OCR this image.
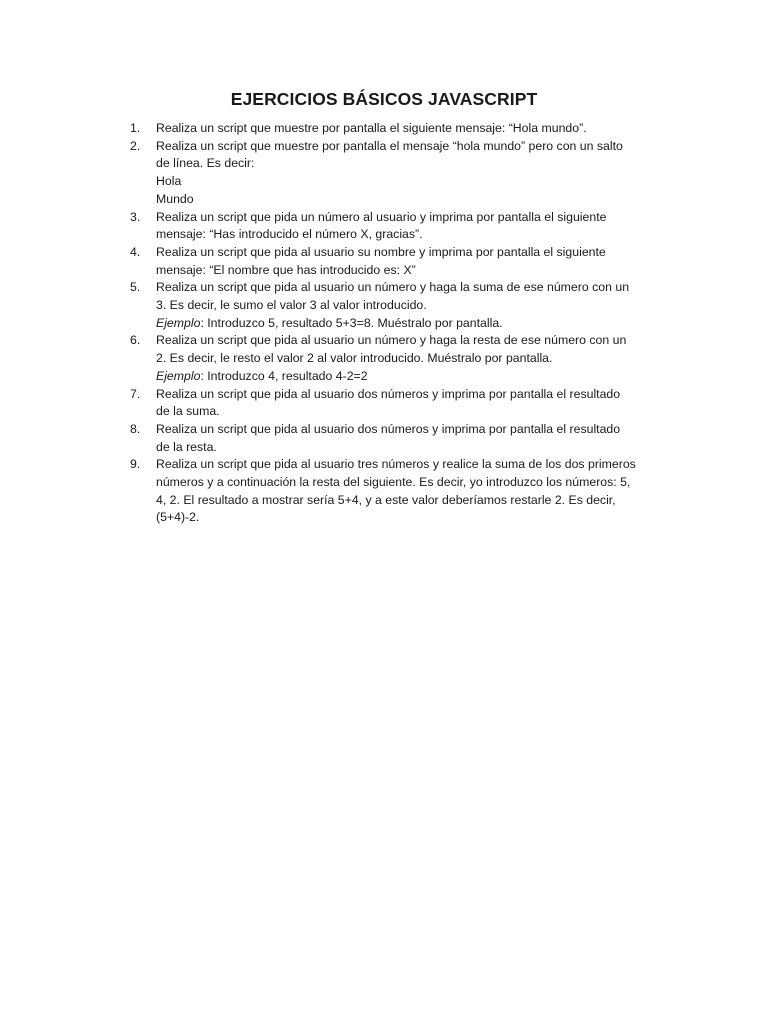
EJERCICIOS BÁSICOS JAVASCRIPT
1.	Realiza un script que muestre por pantalla el siguiente mensaje: “Hola mundo”.
2.	Realiza un script que muestre por pantalla el mensaje “hola mundo” pero con un salto
de línea. Es decir:
Hola
Mundo
3.	Realiza un script que pida un número al usuario y imprima por pantalla el siguiente
mensaje: “Has introducido el número X, gracias”.
4.	Realiza un script que pida al usuario su nombre y imprima por pantalla el siguiente
mensaje: “El nombre que has introducido es: X”
5.	Realiza un script que pida al usuario un número y haga la suma de ese número con un
3. Es decir, le sumo el valor 3 al valor introducido.
Ejemplo: Introduzco 5, resultado 5+3=8. Muéstralo por pantalla.
6.	Realiza un script que pida al usuario un número y haga la resta de ese número con un
2. Es decir, le resto el valor 2 al valor introducido. Muéstralo por pantalla.
Ejemplo: Introduzco 4, resultado 4-2=2
7.	Realiza un script que pida al usuario dos números y imprima por pantalla el resultado
de la suma.
8.	Realiza un script que pida al usuario dos números y imprima por pantalla el resultado
de la resta.
9.	Realiza un script que pida al usuario tres números y realice la suma de los dos primeros
números y a continuación la resta del siguiente. Es decir, yo introduzco los números: 5,
4, 2. El resultado a mostrar sería 5+4, y a este valor deberíamos restarle 2. Es decir,
(5+4)-2.
